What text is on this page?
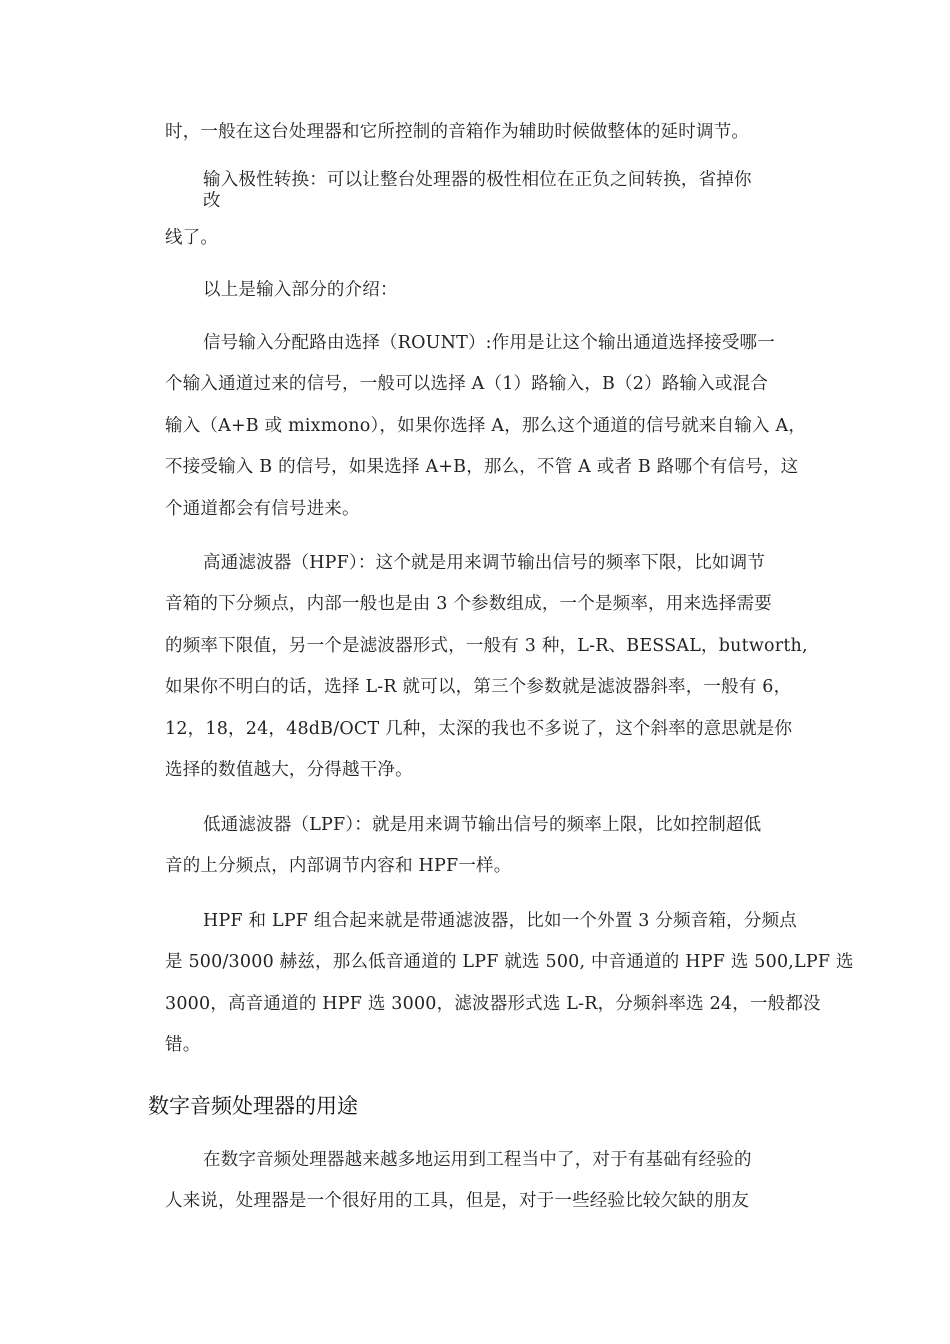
时，一般在这台处理器和它所控制的音箱作为辅助时候做整体的延时调节。
输入极性转换：可以让整台处理器的极性相位在正负之间转换，省掉你
改
线了。
以上是输入部分的介绍：
信号输入分配路由选择（ROUNT）:作用是让这个输出通道选择接受哪一
个输入通道过来的信号，一般可以选择 A（1）路输入，B（2）路输入或混合
输入（A+B 或 mixmono），如果你选择 A，那么这个通道的信号就来自输入 A，
不接受输入 B 的信号，如果选择 A+B，那么，不管 A 或者 B 路哪个有信号，这
个通道都会有信号进来。
高通滤波器（HPF）：这个就是用来调节输出信号的频率下限，比如调节
音箱的下分频点，内部一般也是由 3 个参数组成，一个是频率，用来选择需要
的频率下限值，另一个是滤波器形式，一般有 3 种，L-R、BESSAL，butworth,
如果你不明白的话，选择 L-R 就可以，第三个参数就是滤波器斜率，一般有 6，
12，18，24，48dB/OCT 几种，太深的我也不多说了，这个斜率的意思就是你
选择的数值越大，分得越干净。
低通滤波器（LPF）：就是用来调节输出信号的频率上限，比如控制超低
音的上分频点，内部调节内容和 HPF一样。
HPF 和 LPF 组合起来就是带通滤波器，比如一个外置 3 分频音箱，分频点
是 500/3000 赫兹，那么低音通道的 LPF 就选 500, 中音通道的 HPF 选 500,LPF 选
3000，高音通道的 HPF 选 3000，滤波器形式选 L-R，分频斜率选 24，一般都没
错。
数字音频处理器的用途
在数字音频处理器越来越多地运用到工程当中了，对于有基础有经验的
人来说，处理器是一个很好用的工具，但是，对于一些经验比较欠缺的朋友
